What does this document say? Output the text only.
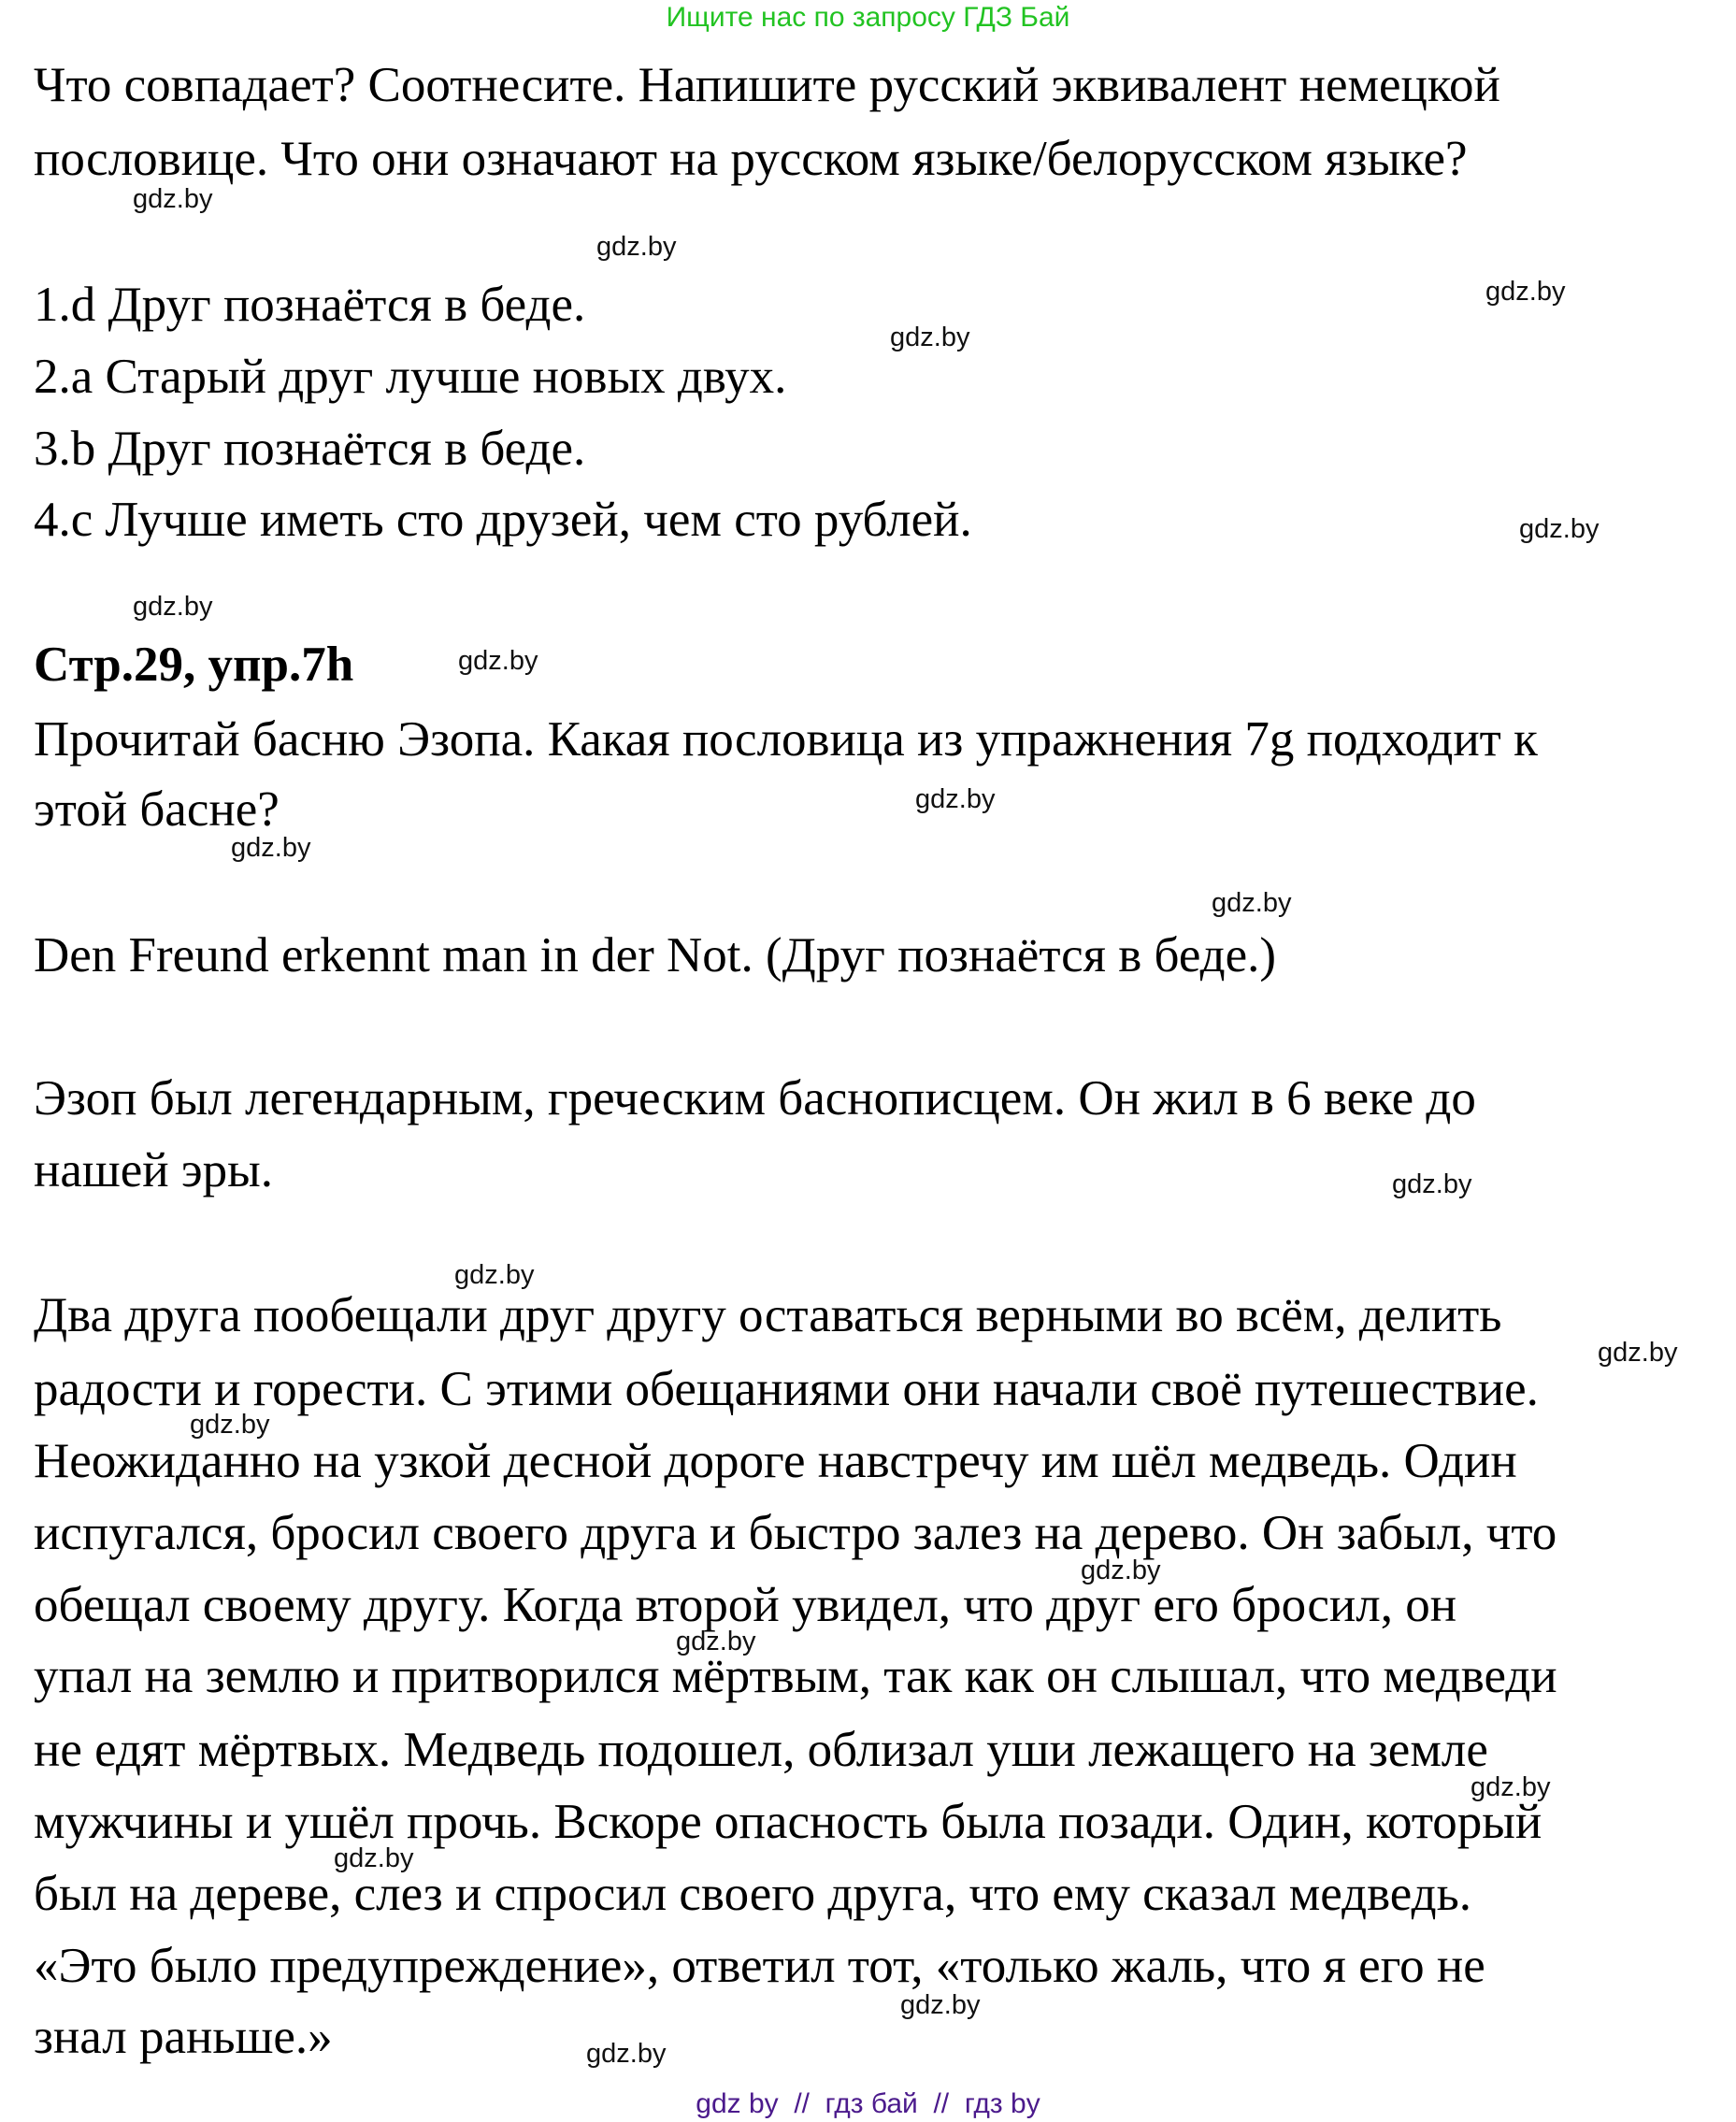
Ищите нас по запросу ГДЗ Бай
Что совпадает? Соотнесите. Напишите русский эквивалент немецкой
пословице. Что они означают на русском языке/белорусском языке?
1.d Друг познаётся в беде.
2.a Старый друг лучше новых двух.
3.b Друг познаётся в беде.
4.c Лучше иметь сто друзей, чем сто рублей.
Стр.29, упр.7h
Прочитай басню Эзопа. Какая пословица из упражнения 7g подходит к
этой басне?
Den Freund erkennt man in der Not. (Друг познаётся в беде.)
Эзоп был легендарным, греческим баснописцем. Он жил в 6 веке до
нашей эры.
Два друга пообещали друг другу оставаться верными во всём, делить
радости и горести. С этими обещаниями они начали своё путешествие.
Неожиданно на узкой десной дороге навстречу им шёл медведь. Один
испугался, бросил своего друга и быстро залез на дерево. Он забыл, что
обещал своему другу. Когда второй увидел, что друг его бросил, он
упал на землю и притворился мёртвым, так как он слышал, что медведи
не едят мёртвых. Медведь подошел, облизал уши лежащего на земле
мужчины и ушёл прочь. Вскоре опасность была позади. Один, который
был на дереве, слез и спросил своего друга, что ему сказал медведь.
«Это было предупреждение», ответил тот, «только жаль, что я его не
знал раньше.»
gdz.by
gdz.by
gdz.by
gdz.by
gdz.by
gdz.by
gdz.by
gdz.by
gdz.by
gdz.by
gdz.by
gdz.by
gdz.by
gdz.by
gdz.by
gdz.by
gdz.by
gdz.by
gdz.by
gdz.by
gdz by  //  гдз бай  //  гдз by
